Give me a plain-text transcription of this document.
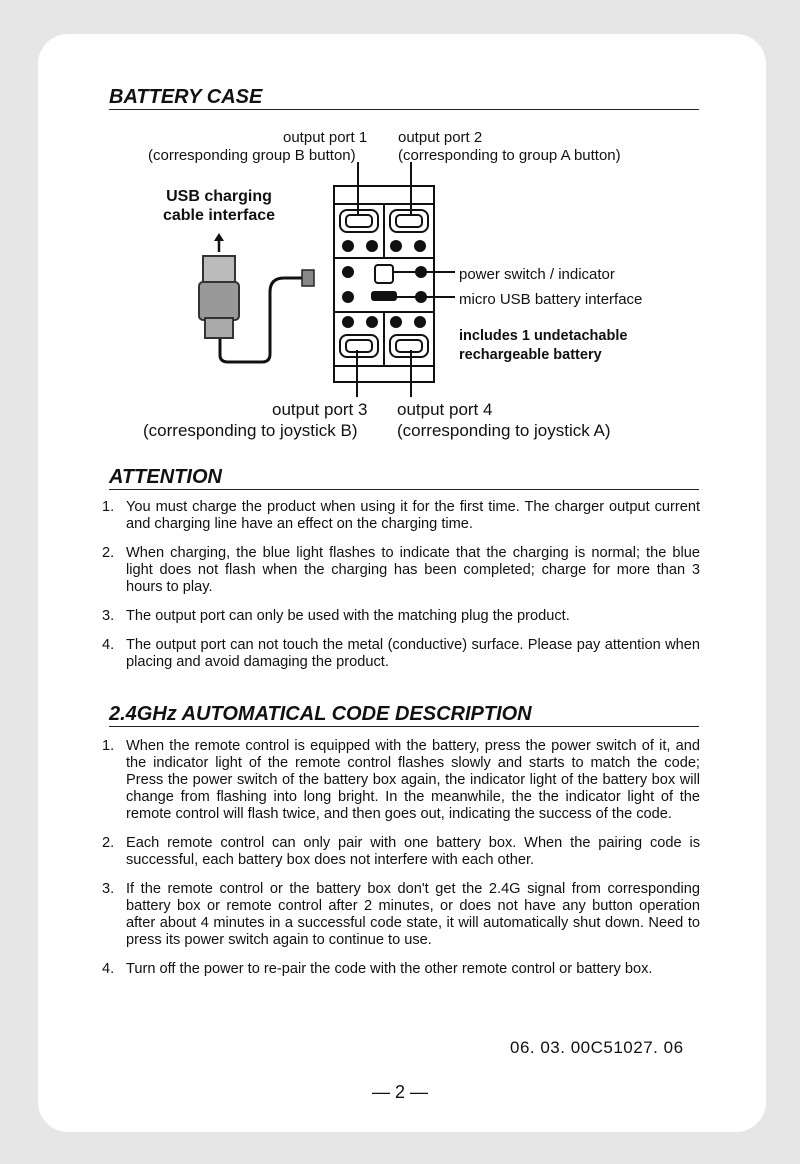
BATTERY CASE
output port 1
(corresponding group B button)
output port 2
(corresponding to group A button)
USB charging
cable interface
power switch / indicator
micro USB battery interface
includes 1 undetachable
rechargeable battery
output port 3
(corresponding to joystick B)
output port 4
(corresponding to joystick A)
ATTENTION
1. You must charge the product when using it for the first time. The charger output current and charging line have an effect on the charging time.
2. When charging, the blue light flashes to indicate that the charging is normal; the blue light does not flash when the charging has been completed; charge for more than 3 hours to play.
3. The output port can only be used with the matching plug the product.
4. The output port can not touch the metal (conductive) surface. Please pay attention when placing and avoid damaging the product.
2.4GHz AUTOMATICAL CODE DESCRIPTION
1. When the remote control is equipped with the battery, press the power switch of it, and the indicator light of the remote control flashes slowly and starts to match the code; Press the power switch of the battery box again, the indicator light of the battery box will change from flashing into long bright. In the meanwhile, the the indicator light of the remote control will flash twice, and then goes out, indicating the success of the code.
2. Each remote control can only pair with one battery box. When the pairing code is successful, each battery box does not interfere with each other.
3. If the remote control or the battery box don't get the 2.4G signal from corresponding battery box or remote control after 2 minutes, or does not have any button operation after about 4 minutes in a successful code state, it will automatically shut down. Need to press its power switch again to continue to use.
4. Turn off the power to re-pair the code with the other remote control or battery box.
06. 03. 00C51027. 06
— 2 —
